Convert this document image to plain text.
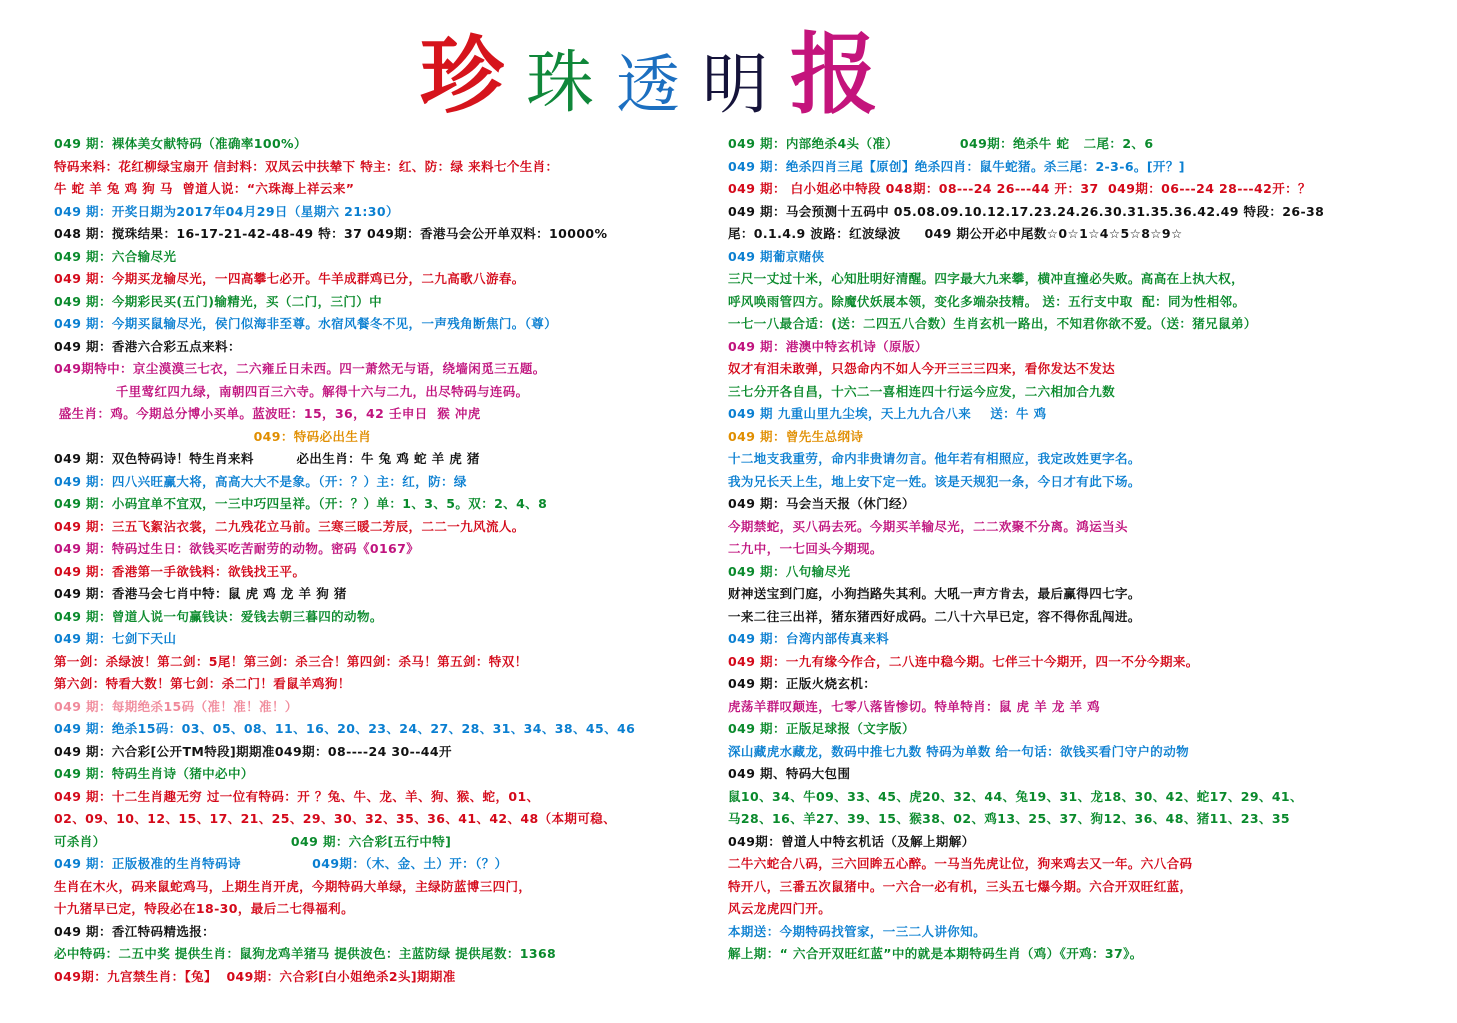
珍 珠 透 明 报
049 期：裸体美女献特码（准确率100%）
特码来料：花红柳绿宝扇开 信封料：双凤云中扶辇下 特主：红、防：绿 来料七个生肖：
牛 蛇 羊 兔 鸡 狗 马  曾道人说：“六珠海上祥云来”
049 期：开奖日期为2017年04月29日（星期六 21:30）
048 期：搅珠结果：16-17-21-42-48-49 特：37 049期：香港马会公开单双料：10000%
049 期：六合输尽光
049 期：今期买龙输尽光，一四高攀七必开。牛羊成群鸡已分，二九高歌八游春。
049 期：今期彩民买(五门)输精光，买（二门，三门）中
049 期：今期买鼠输尽光，侯门似海非至尊。水宿风餐冬不见，一声残角断焦门。（尊）
049 期：香港六合彩五点来料：
049期特中：京尘漠漠三七衣，二六雍丘日未西。四一萧然无与语，绕墙闲觅三五题。
千里莺红四九绿，南朝四百三六寺。解得十六与二九，出尽特码与连码。
盛生肖：鸡。今期总分博小买单。蓝波旺：15，36，42 壬申日  猴 冲虎
049：特码必出生肖
049 期：双色特码诗！特生肖来料         必出生肖：牛 兔 鸡 蛇 羊 虎 猪
049 期：四八兴旺赢大将，高高大大不是象。（开：？）主：红，防：绿
049 期：小码宜单不宜双，一三中巧四呈祥。（开：？）单：1、3、5。双：2、4、8
049 期：三五飞絮沾衣裳，二九残花立马前。三寒三暖二芳辰，二二一九风流人。
049 期：特码过生日：欲钱买吃苦耐劳的动物。密码《0167》
049 期：香港第一手欲钱料：欲钱找王平。
049 期：香港马会七肖中特：鼠 虎 鸡 龙 羊 狗 猪
049 期：曾道人说一句赢钱诀：爱钱去朝三暮四的动物。
049 期：七剑下天山
第一剑：杀绿波！第二剑：5尾！第三剑：杀三合！第四剑：杀马！第五剑：特双！
第六剑：特看大数！第七剑：杀二门！看鼠羊鸡狗！
049 期：每期绝杀15码（准！准！准！）
049 期：绝杀15码：03、05、08、11、16、20、23、24、27、28、31、34、38、45、46
049 期：六合彩[公开TM特段]期期准049期：08----24 30--44开
049 期：特码生肖诗（猪中必中）
049 期：十二生肖趣无穷 过一位有特码：开 ？兔、牛、龙、羊、狗、猴、蛇，01、
02、09、10、12、15、17、21、25、29、30、32、35、36、41、42、48（本期可稳、
可杀肖）                                       049 期：六合彩[五行中特]
049 期：正版极准的生肖特码诗               049期：（木、金、土）开：（？）
生肖在木火，码来鼠蛇鸡马，上期生肖开虎，今期特码大单绿，主绿防蓝博三四门，
十九猪早已定，特段必在18-30，最后二七得福利。
049 期：香江特码精选报：
必中特码：二五中奖 提供生肖：鼠狗龙鸡羊猪马 提供波色：主蓝防绿 提供尾数：1368
049期：九宫禁生肖：【兔】  049期：六合彩[白小姐绝杀2头]期期准
049 期：内部绝杀4头（准）             049期：绝杀牛 蛇   二尾：2、6
049 期：绝杀四肖三尾【原创】绝杀四肖：鼠牛蛇猪。杀三尾：2-3-6。[开？]
049 期： 白小姐必中特段 048期：08---24 26---44 开：37  049期：06---24 28---42开：？
049 期：马会预测十五码中 05.08.09.10.12.17.23.24.26.30.31.35.36.42.49 特段：26-38
尾：0.1.4.9 波路：红波绿波     049 期公开必中尾数☆0☆1☆4☆5☆8☆9☆
049 期葡京赌侠
三尺一丈过十米，心知肚明好清醒。四字最大九来攀，横冲直撞必失败。高高在上执大权，
呼风唤雨管四方。除魔伏妖展本领，变化多端杂技精。 送：五行支中取  配：同为性相邻。
一七一八最合适：(送：二四五八合数）生肖玄机一路出，不知君你欲不爱。（送：猪兄鼠弟）
049 期：港澳中特玄机诗（原版）
奴才有泪未敢弹，只怨命内不如人今开三三三四来，看你发达不发达
三七分开各自昌，十六二一喜相连四十行运今应发，二六相加合九数
049 期 九重山里九尘埃，天上九九合八来    送：牛 鸡
049 期：曾先生总纲诗
十二地支我重劳，命内非贵请勿言。他年若有相照应，我定改姓更字名。
我为兄长天上生，地上安下定一姓。该是天规犯一条，今日才有此下场。
049 期：马会当天报（休门经）
今期禁蛇，买八码去死。今期买羊输尽光，二二欢聚不分离。鸿运当头
二九中，一七回头今期现。
049 期：八句输尽光
财神送宝到门庭，小狗挡路失其利。大吼一声方肯去，最后赢得四七字。
一来二往三出祥，猪东猪西好成码。二八十六早已定，容不得你乱闯进。
049 期：台湾内部传真来料
049 期：一九有缘今作合，二八连中稳今期。七伴三十今期开，四一不分今期来。
049 期：正版火烧玄机：
虎荡羊群叹颠连，七零八落皆惨切。特单特肖：鼠 虎 羊 龙 羊 鸡
049 期：正版足球报（文字版）
深山藏虎水藏龙，数码中推七九数 特码为单数 给一句话：欲钱买看门守户的动物
049 期、特码大包围
鼠10、34、牛09、33、45、虎20、32、44、兔19、31、龙18、30、42、蛇17、29、41、
马28、16、羊27、39、15、猴38、02、鸡13、25、37、狗12、36、48、猪11、23、35
049期：曾道人中特玄机话（及解上期解）
二牛六蛇合八码，三六回眸五心醉。一马当先虎让位，狗来鸡去又一年。六八合码
特开八，三番五次鼠猪中。一六合一必有机，三头五七爆今期。六合开双旺红蓝，
风云龙虎四门开。
本期送：今期特码找管家，一三二人讲你知。
解上期：“ 六合开双旺红蓝”中的就是本期特码生肖（鸡）《开鸡：37》。
